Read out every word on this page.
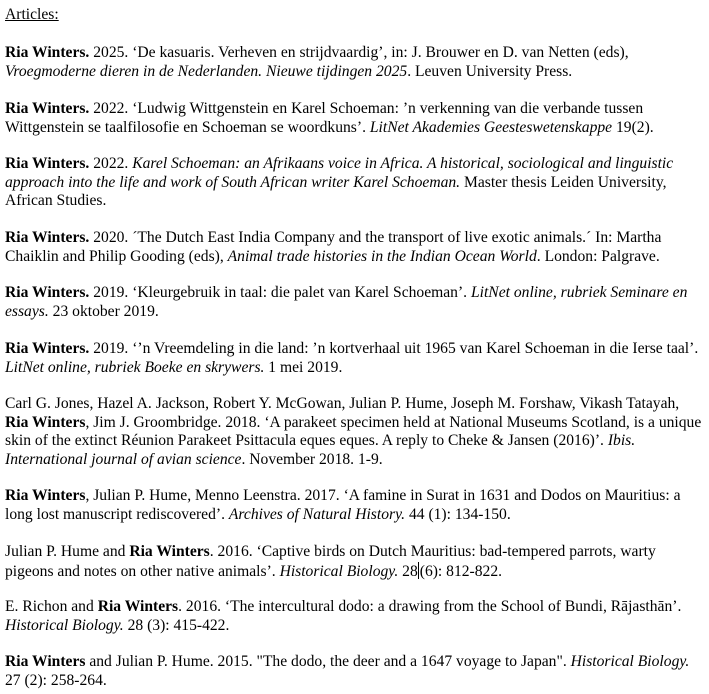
Articles:

Ria Winters. 2025. ‘De kasuaris. Verheven en strijdvaardig’, in: J. Brouwer en D. van Netten (eds), Vroegmoderne dieren in de Nederlanden. Nieuwe tijdingen 2025. Leuven University Press.

Ria Winters. 2022. ‘Ludwig Wittgenstein en Karel Schoeman: ’n verkenning van die verbande tussen Wittgenstein se taalfilosofie en Schoeman se woordkuns’. LitNet Akademies Geesteswetenskappe 19(2).

Ria Winters. 2022. Karel Schoeman: an Afrikaans voice in Africa. A historical, sociological and linguistic approach into the life and work of South African writer Karel Schoeman. Master thesis Leiden University, African Studies.

Ria Winters. 2020. ´The Dutch East India Company and the transport of live exotic animals.´ In: Martha Chaiklin and Philip Gooding (eds), Animal trade histories in the Indian Ocean World. London: Palgrave.

Ria Winters. 2019. ‘Kleurgebruik in taal: die palet van Karel Schoeman’. LitNet online, rubriek Seminare en essays. 23 oktober 2019.

Ria Winters. 2019. ‘’n Vreemdeling in die land: ’n kortverhaal uit 1965 van Karel Schoeman in die Ierse taal’. LitNet online, rubriek Boeke en skrywers. 1 mei 2019.

Carl G. Jones, Hazel A. Jackson, Robert Y. McGowan, Julian P. Hume, Joseph M. Forshaw, Vikash Tatayah, Ria Winters, Jim J. Groombridge. 2018. ‘A parakeet specimen held at National Museums Scotland, is a unique skin of the extinct Réunion Parakeet Psittacula eques eques. A reply to Cheke & Jansen (2016)’. Ibis. International journal of avian science. November 2018. 1-9.

Ria Winters, Julian P. Hume, Menno Leenstra. 2017. ‘A famine in Surat in 1631 and Dodos on Mauritius: a long lost manuscript rediscovered’. Archives of Natural History. 44 (1): 134-150.

Julian P. Hume and Ria Winters. 2016. ‘Captive birds on Dutch Mauritius: bad-tempered parrots, warty pigeons and notes on other native animals’. Historical Biology. 28 (6): 812-822.

E. Richon and Ria Winters. 2016. ‘The intercultural dodo: a drawing from the School of Bundi, Rājasthān’. Historical Biology. 28 (3): 415-422.

Ria Winters and Julian P. Hume. 2015. "The dodo, the deer and a 1647 voyage to Japan". Historical Biology. 27 (2): 258-264.
